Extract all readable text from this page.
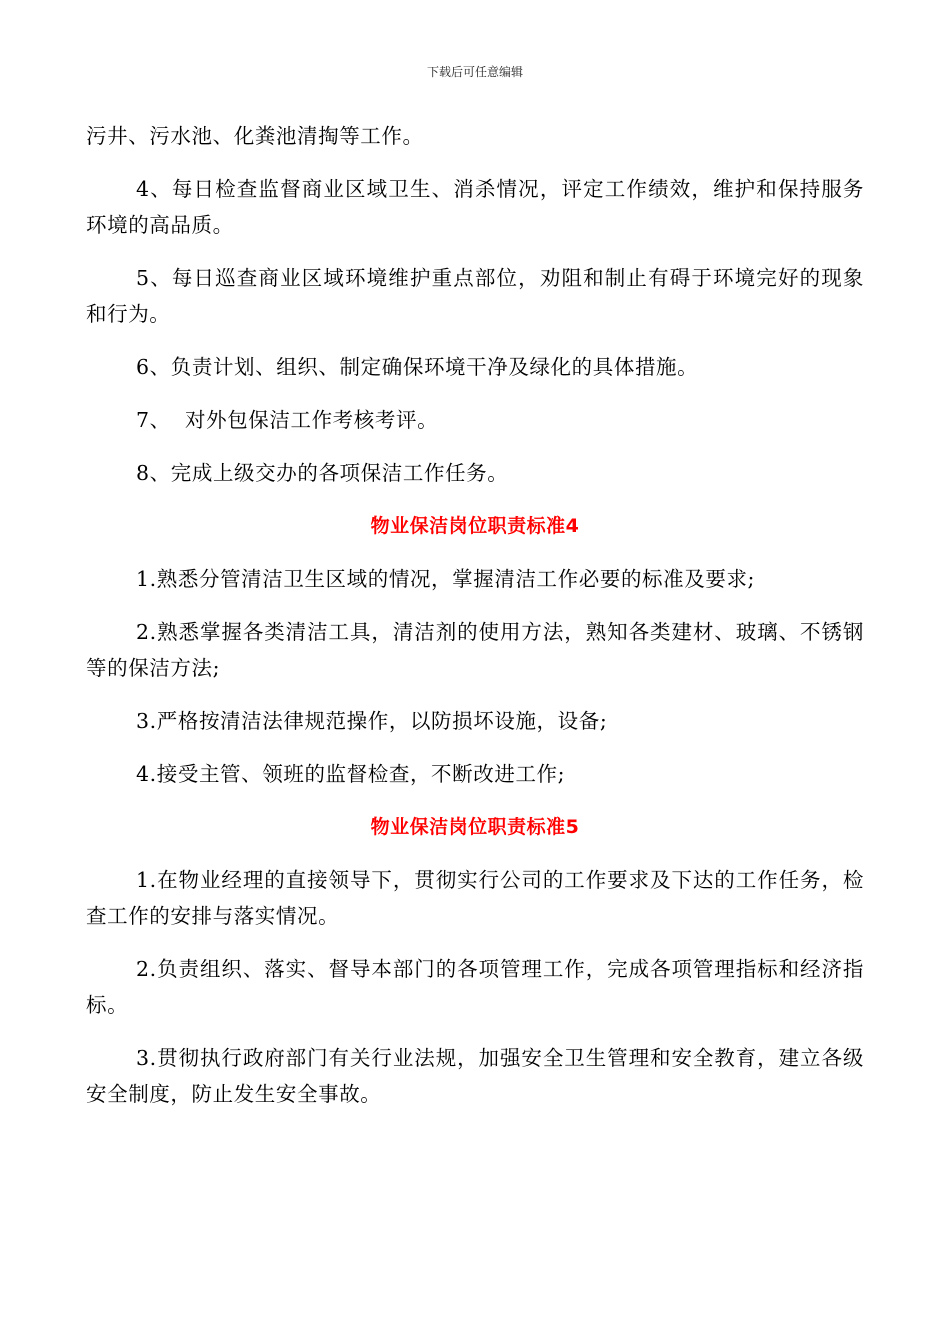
下载后可任意编辑

污井、污水池、化粪池清掏等工作。

4、每日检查监督商业区域卫生、消杀情况，评定工作绩效，维护和保持服务环境的高品质。

5、每日巡查商业区域环境维护重点部位，劝阻和制止有碍于环境完好的现象和行为。

6、负责计划、组织、制定确保环境干净及绿化的具体措施。

7、  对外包保洁工作考核考评。

8、完成上级交办的各项保洁工作任务。

物业保洁岗位职责标准4

1.熟悉分管清洁卫生区域的情况，掌握清洁工作必要的标准及要求;

2.熟悉掌握各类清洁工具，清洁剂的使用方法，熟知各类建材、玻璃、不锈钢等的保洁方法;

3.严格按清洁法律规范操作，以防损坏设施，设备;

4.接受主管、领班的监督检查，不断改进工作;

物业保洁岗位职责标准5

1.在物业经理的直接领导下，贯彻实行公司的工作要求及下达的工作任务，检查工作的安排与落实情况。

2.负责组织、落实、督导本部门的各项管理工作，完成各项管理指标和经济指标。

3.贯彻执行政府部门有关行业法规，加强安全卫生管理和安全教育，建立各级安全制度，防止发生安全事故。
